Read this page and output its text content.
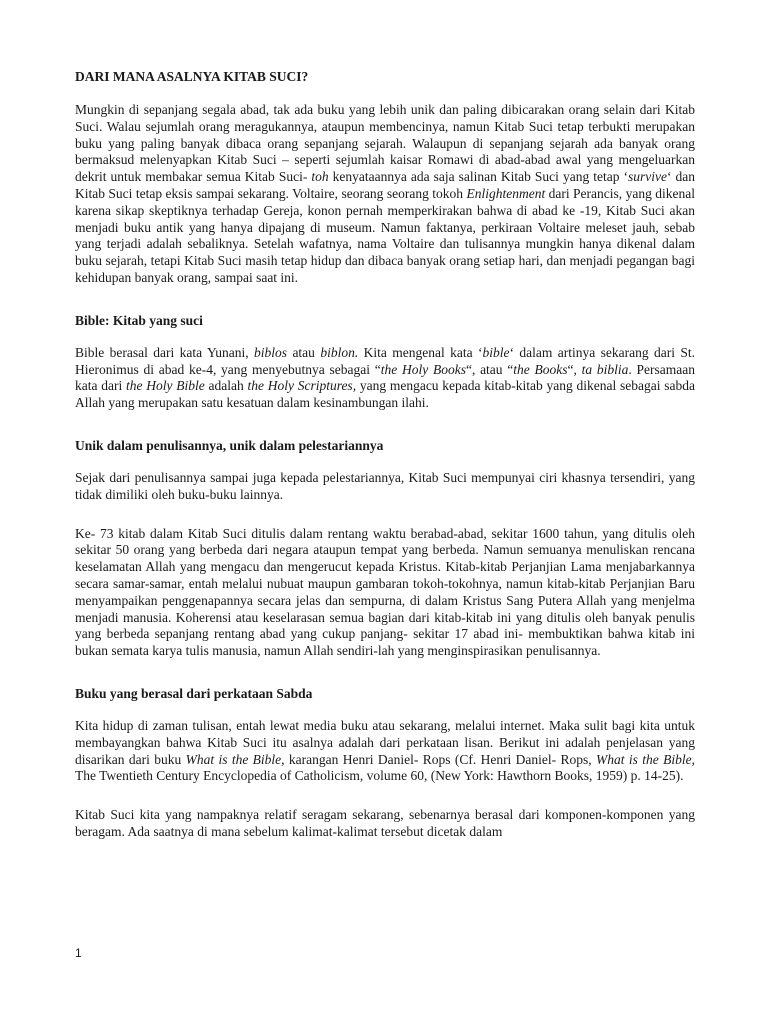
DARI MANA ASALNYA KITAB SUCI?

Mungkin di sepanjang segala abad, tak ada buku yang lebih unik dan paling dibicarakan orang selain dari Kitab Suci. Walau sejumlah orang meragukannya, ataupun membencinya, namun Kitab Suci tetap terbukti merupakan buku yang paling banyak dibaca orang sepanjang sejarah. Walaupun di sepanjang sejarah ada banyak orang bermaksud melenyapkan Kitab Suci – seperti sejumlah kaisar Romawi di abad-abad awal yang mengeluarkan dekrit untuk membakar semua Kitab Suci- toh kenyataannya ada saja salinan Kitab Suci yang tetap ‘survive‘ dan Kitab Suci tetap eksis sampai sekarang. Voltaire, seorang seorang tokoh Enlightenment dari Perancis, yang dikenal karena sikap skeptiknya terhadap Gereja, konon pernah memperkirakan bahwa di abad ke -19, Kitab Suci akan menjadi buku antik yang hanya dipajang di museum. Namun faktanya, perkiraan Voltaire meleset jauh, sebab yang terjadi adalah sebaliknya. Setelah wafatnya, nama Voltaire dan tulisannya mungkin hanya dikenal dalam buku sejarah, tetapi Kitab Suci masih tetap hidup dan dibaca banyak orang setiap hari, dan menjadi pegangan bagi kehidupan banyak orang, sampai saat ini.

Bible: Kitab yang suci

Bible berasal dari kata Yunani, biblos atau biblon. Kita mengenal kata ‘bible‘ dalam artinya sekarang dari St. Hieronimus di abad ke-4, yang menyebutnya sebagai “the Holy Books“, atau “the Books“, ta biblia. Persamaan kata dari the Holy Bible adalah the Holy Scriptures, yang mengacu kepada kitab-kitab yang dikenal sebagai sabda Allah yang merupakan satu kesatuan dalam kesinambungan ilahi.

Unik dalam penulisannya, unik dalam pelestariannya

Sejak dari penulisannya sampai juga kepada pelestariannya, Kitab Suci mempunyai ciri khasnya tersendiri, yang tidak dimiliki oleh buku-buku lainnya.

Ke- 73 kitab dalam Kitab Suci ditulis dalam rentang waktu berabad-abad, sekitar 1600 tahun, yang ditulis oleh sekitar 50 orang yang berbeda dari negara ataupun tempat yang berbeda. Namun semuanya menuliskan rencana keselamatan Allah yang mengacu dan mengerucut kepada Kristus. Kitab-kitab Perjanjian Lama menjabarkannya secara samar-samar, entah melalui nubuat maupun gambaran tokoh-tokohnya, namun kitab-kitab Perjanjian Baru menyampaikan penggenapannya secara jelas dan sempurna, di dalam Kristus Sang Putera Allah yang menjelma menjadi manusia. Koherensi atau keselarasan semua bagian dari kitab-kitab ini yang ditulis oleh banyak penulis yang berbeda sepanjang rentang abad yang cukup panjang- sekitar 17 abad ini- membuktikan bahwa kitab ini bukan semata karya tulis manusia, namun Allah sendiri-lah yang menginspirasikan penulisannya.

Buku yang berasal dari perkataan Sabda

Kita hidup di zaman tulisan, entah lewat media buku atau sekarang, melalui internet. Maka sulit bagi kita untuk membayangkan bahwa Kitab Suci itu asalnya adalah dari perkataan lisan. Berikut ini adalah penjelasan yang disarikan dari buku What is the Bible, karangan Henri Daniel- Rops (Cf. Henri Daniel- Rops, What is the Bible, The Twentieth Century Encyclopedia of Catholicism, volume 60, (New York: Hawthorn Books, 1959) p. 14-25).

Kitab Suci kita yang nampaknya relatif seragam sekarang, sebenarnya berasal dari komponen-komponen yang beragam. Ada saatnya di mana sebelum kalimat-kalimat tersebut dicetak dalam

1
